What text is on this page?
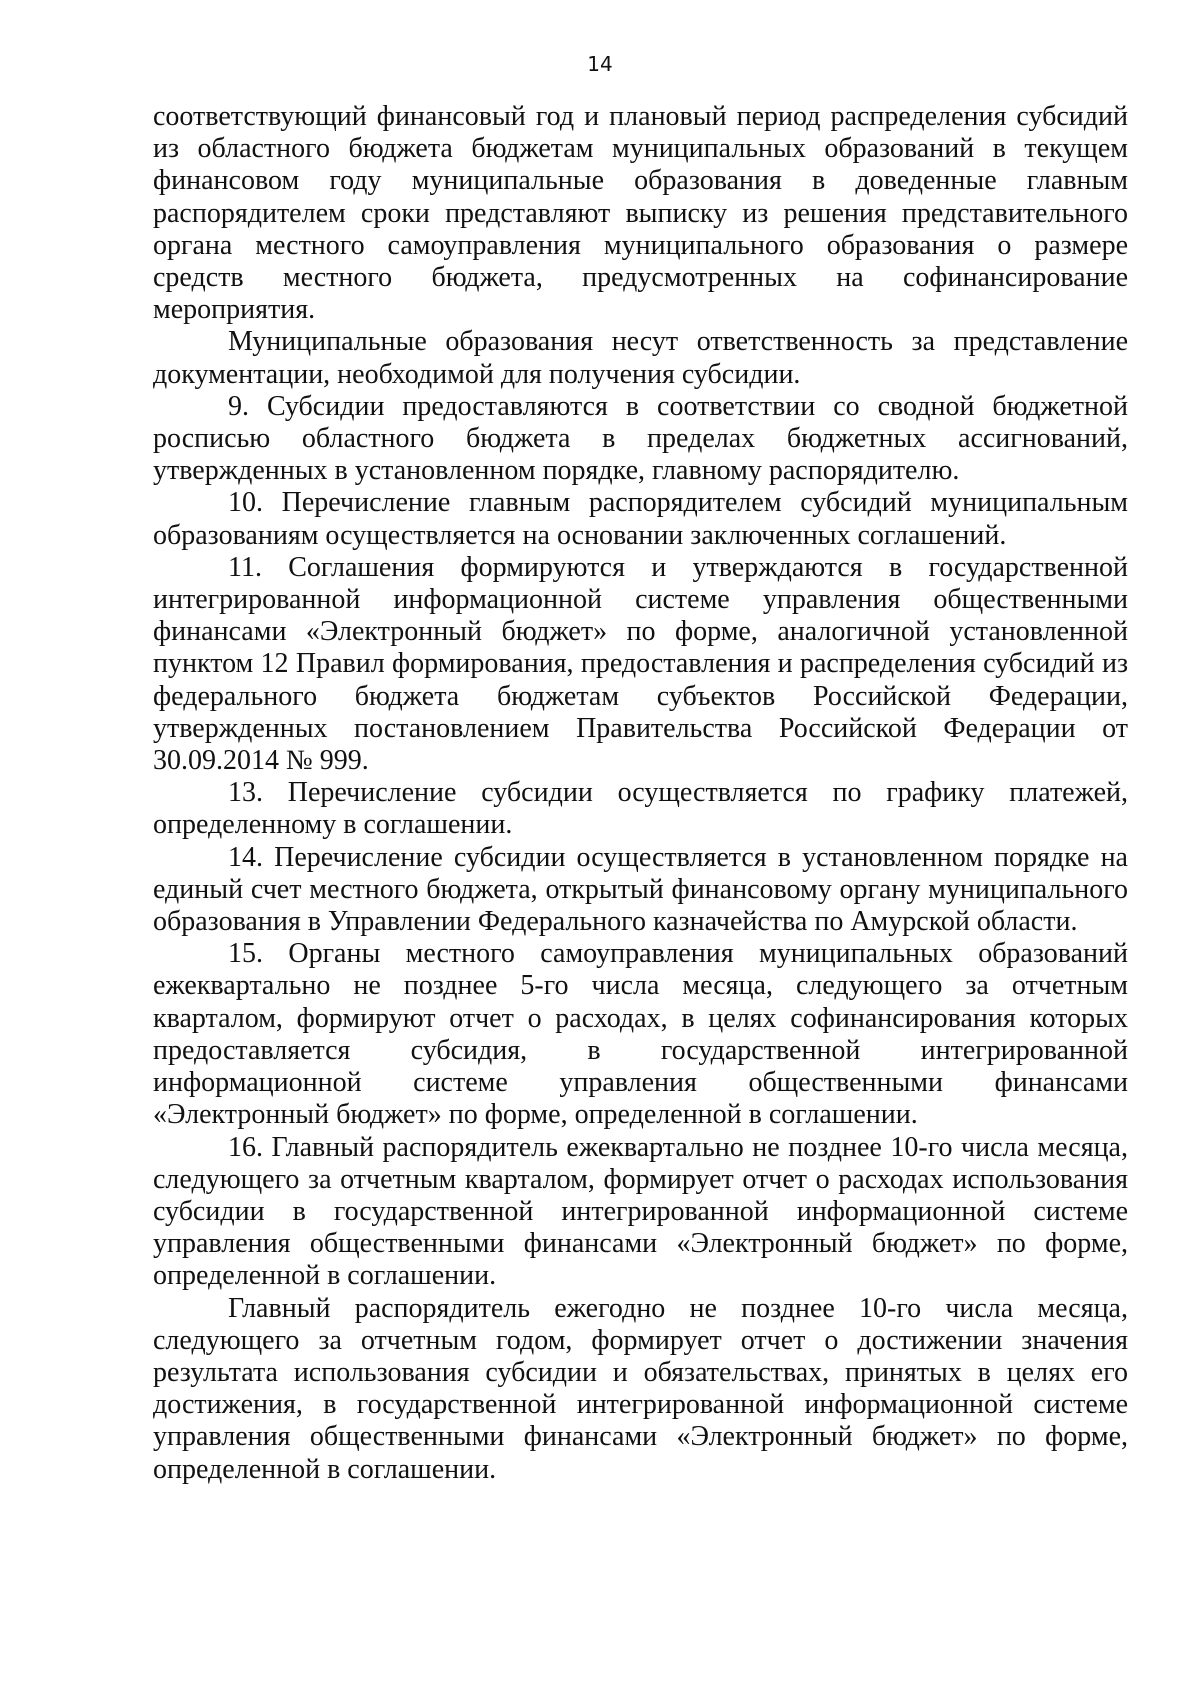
14

соответствующий финансовый год и плановый период распределения субсидий из областного бюджета бюджетам муниципальных образований в текущем финансовом году муниципальные образования в доведенные главным распорядителем сроки представляют выписку из решения представительного органа местного самоуправления муниципального образования о размере средств местного бюджета, предусмотренных на софинансирование мероприятия.

Муниципальные образования несут ответственность за представление документации, необходимой для получения субсидии.

9. Субсидии предоставляются в соответствии со сводной бюджетной росписью областного бюджета в пределах бюджетных ассигнований, утвержденных в установленном порядке, главному распорядителю.

10. Перечисление главным распорядителем субсидий муниципальным образованиям осуществляется на основании заключенных соглашений.

11. Соглашения формируются и утверждаются в государственной интегрированной информационной системе управления общественными финансами «Электронный бюджет» по форме, аналогичной установленной пунктом 12 Правил формирования, предоставления и распределения субсидий из федерального бюджета бюджетам субъектов Российской Федерации, утвержденных постановлением Правительства Российской Федерации от 30.09.2014 № 999.

13. Перечисление субсидии осуществляется по графику платежей, определенному в соглашении.

14. Перечисление субсидии осуществляется в установленном порядке на единый счет местного бюджета, открытый финансовому органу муниципального образования в Управлении Федерального казначейства по Амурской области.

15. Органы местного самоуправления муниципальных образований ежеквартально не позднее 5-го числа месяца, следующего за отчетным кварталом, формируют отчет о расходах, в целях софинансирования которых предоставляется субсидия, в государственной интегрированной информационной системе управления общественными финансами «Электронный бюджет» по форме, определенной в соглашении.

16. Главный распорядитель ежеквартально не позднее 10-го числа месяца, следующего за отчетным кварталом, формирует отчет о расходах использования субсидии в государственной интегрированной информационной системе управления общественными финансами «Электронный бюджет» по форме, определенной в соглашении.

Главный распорядитель ежегодно не позднее 10-го числа месяца, следующего за отчетным годом, формирует отчет о достижении значения результата использования субсидии и обязательствах, принятых в целях его достижения, в государственной интегрированной информационной системе управления общественными финансами «Электронный бюджет» по форме, определенной в соглашении.
